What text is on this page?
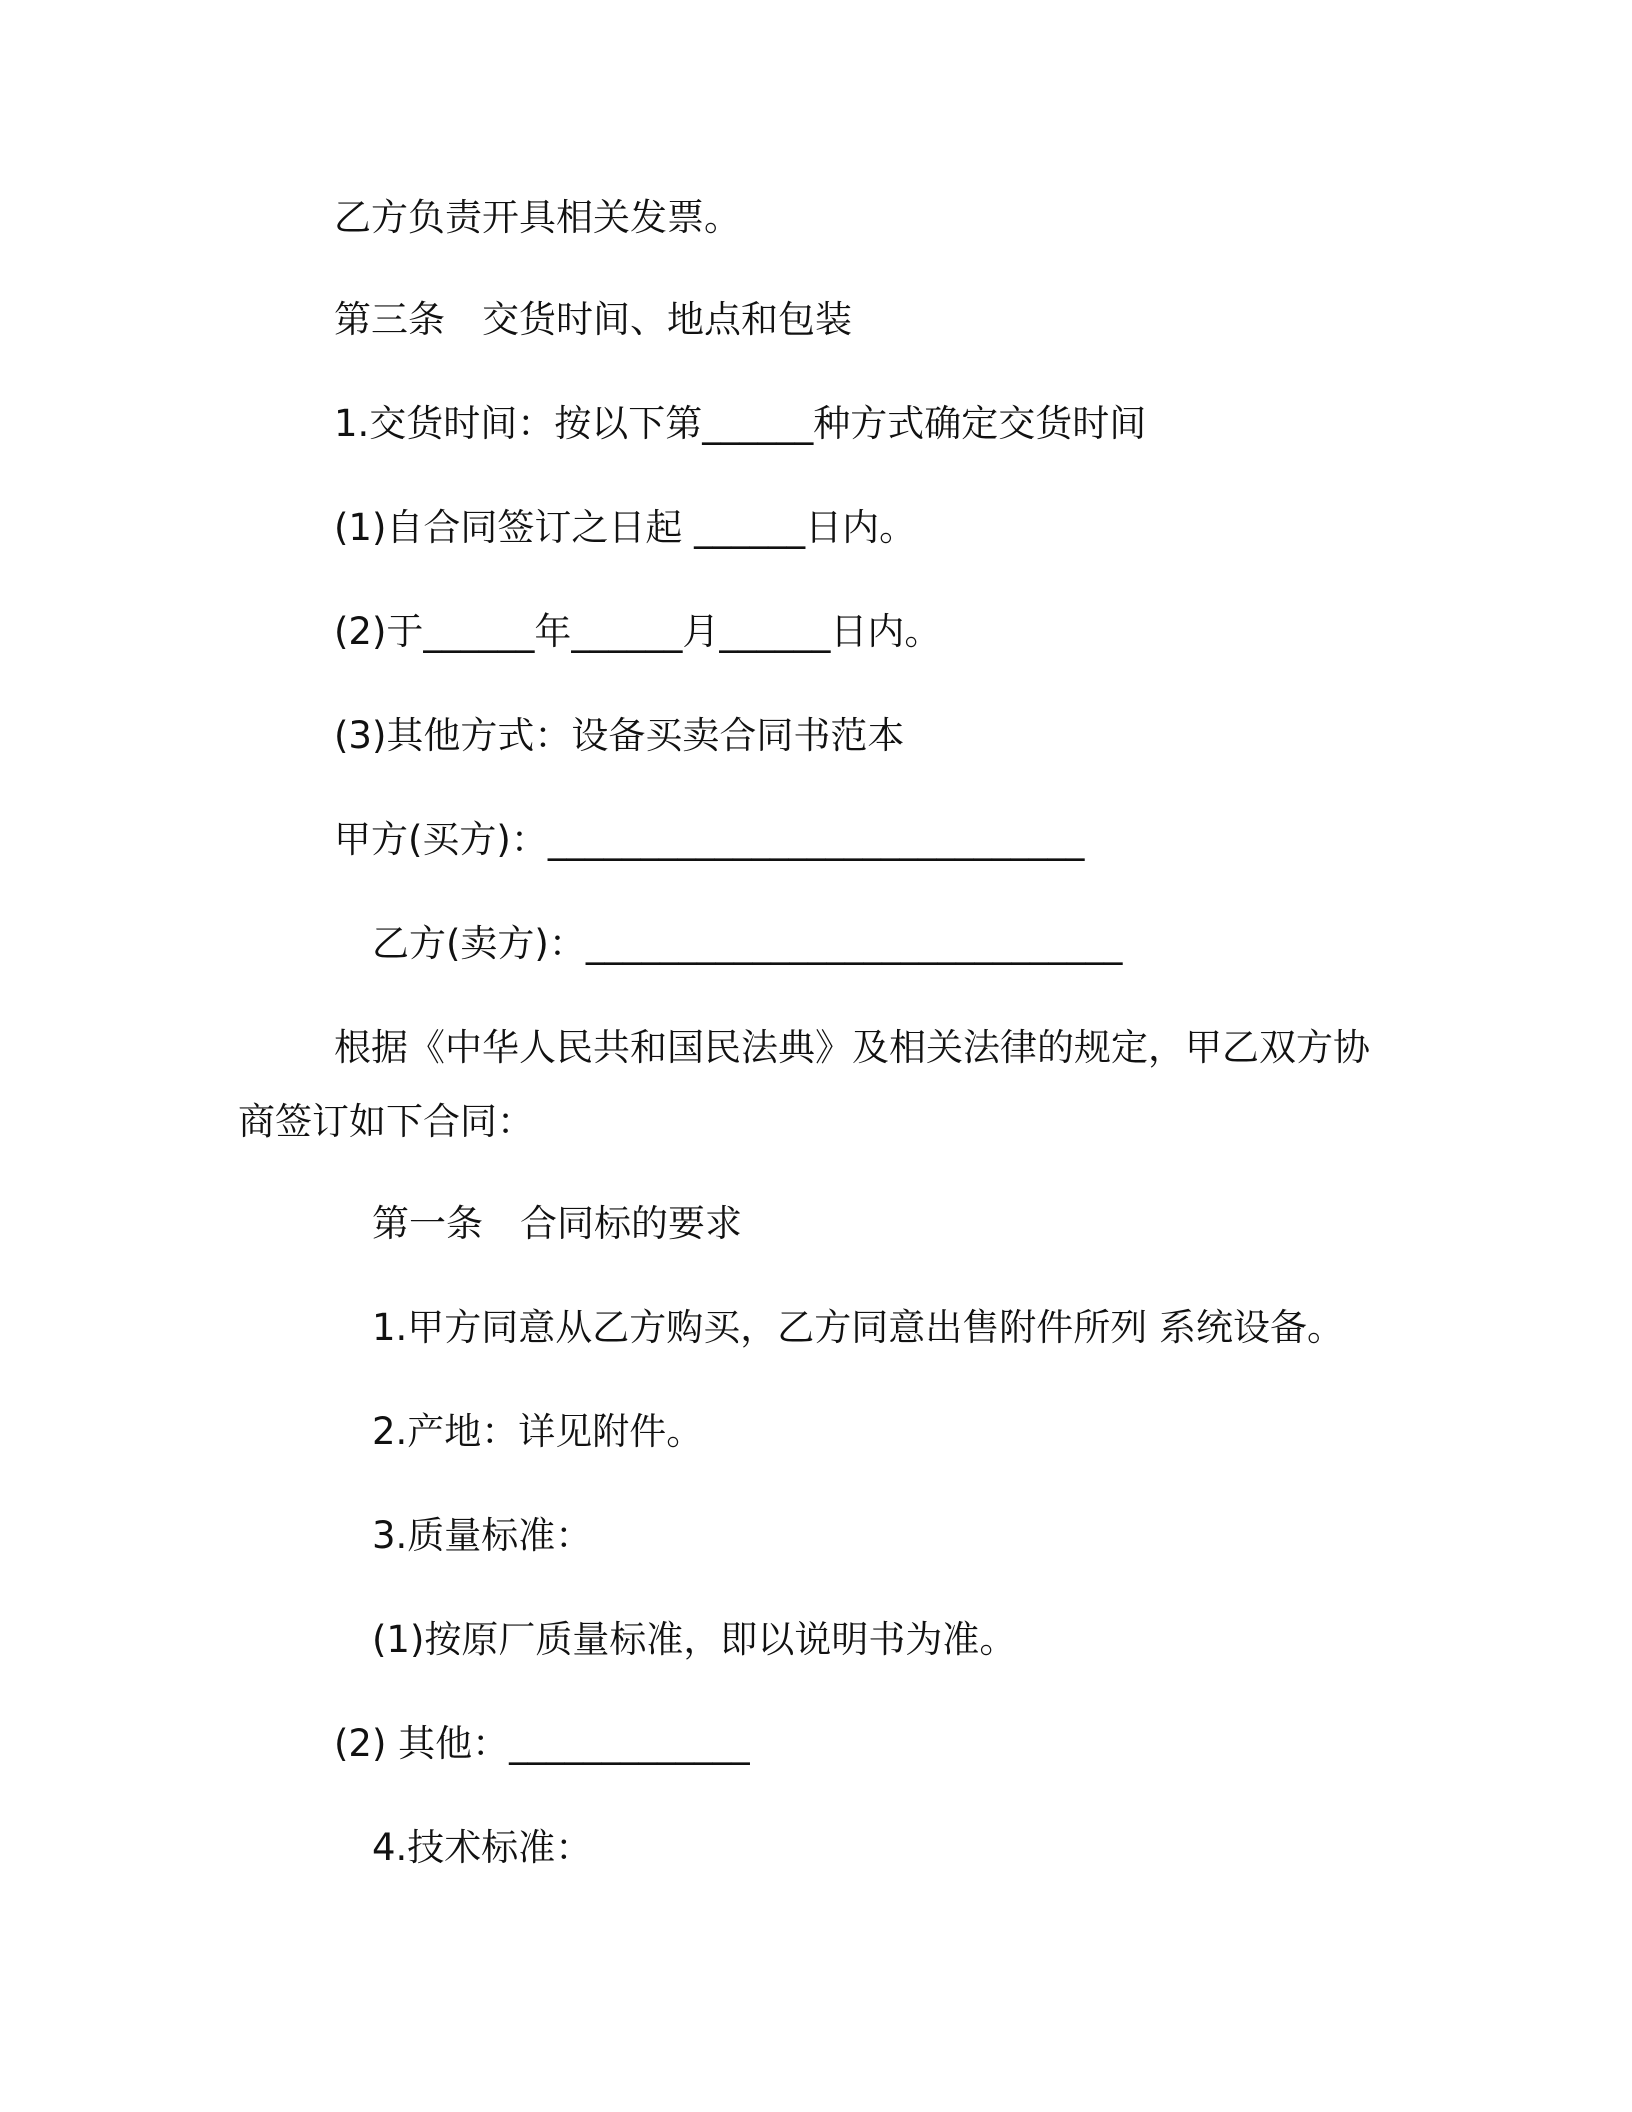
乙方负责开具相关发票。

第三条　交货时间、地点和包装

1.交货时间：按以下第______种方式确定交货时间

(1)自合同签订之日起 ______日内。

(2)于______年______月______日内。

(3)其他方式：设备买卖合同书范本

甲方(买方)：_____________________________

乙方(卖方)：_____________________________

根据《中华人民共和国民法典》及相关法律的规定，甲乙双方协

商签订如下合同：

第一条　合同标的要求

1.甲方同意从乙方购买，乙方同意出售附件所列 系统设备。

2.产地：详见附件。

3.质量标准：

(1)按原厂质量标准，即以说明书为准。

(2) 其他：_____________

4.技术标准：
